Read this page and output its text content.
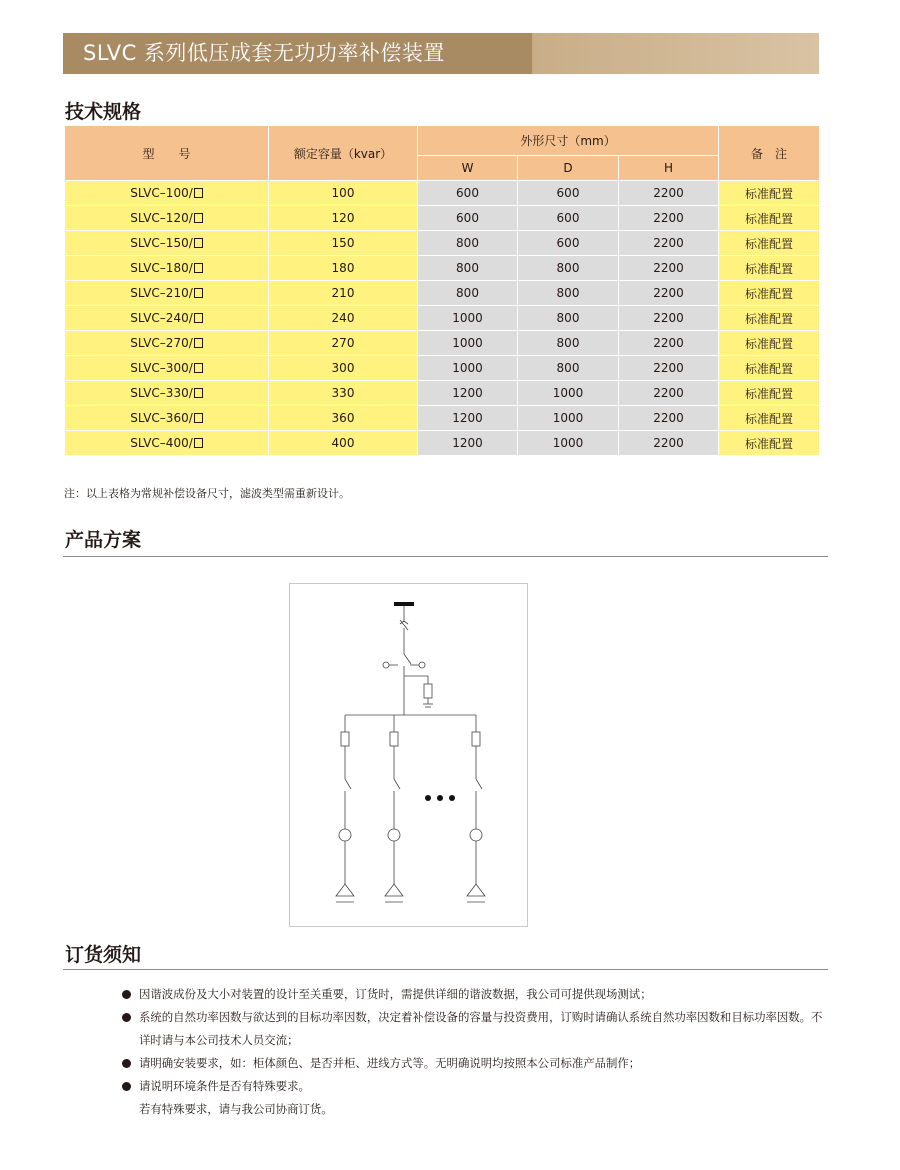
SLVC 系列低压成套无功功率补偿装置
技术规格
型　　号	额定容量（kvar）	外形尺寸（mm）			备　注
		W	D	H	
SLVC–100/	100	600	600	2200	标准配置
SLVC–120/	120	600	600	2200	标准配置
SLVC–150/	150	800	600	2200	标准配置
SLVC–180/	180	800	800	2200	标准配置
SLVC–210/	210	800	800	2200	标准配置
SLVC–240/	240	1000	800	2200	标准配置
SLVC–270/	270	1000	800	2200	标准配置
SLVC–300/	300	1000	800	2200	标准配置
SLVC–330/	330	1200	1000	2200	标准配置
SLVC–360/	360	1200	1000	2200	标准配置
SLVC–400/	400	1200	1000	2200	标准配置
注：以上表格为常规补偿设备尺寸，滤波类型需重新设计。
产品方案
订货须知
因谐波成份及大小对装置的设计至关重要，订货时，需提供详细的谐波数据，我公司可提供现场测试；
系统的自然功率因数与欲达到的目标功率因数，决定着补偿设备的容量与投资费用，订购时请确认系统自然功率因数和目标功率因数。不详时请与本公司技术人员交流；
请明确安装要求，如：柜体颜色、是否并柜、进线方式等。无明确说明均按照本公司标准产品制作；
请说明环境条件是否有特殊要求。
若有特殊要求，请与我公司协商订货。
